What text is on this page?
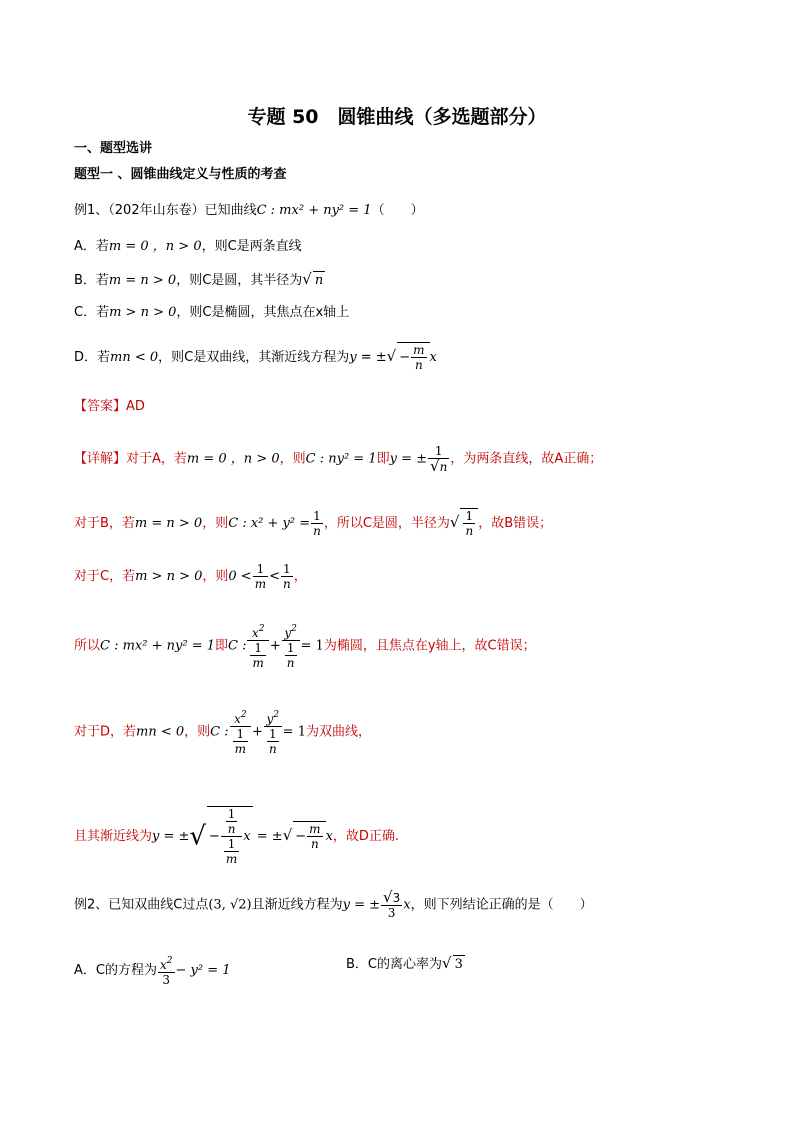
专题 50　圆锥曲线（多选题部分）
一、题型选讲
题型一 、圆锥曲线定义与性质的考查
例1、（202年山东卷）已知曲线C : mx² + ny² = 1（　　）
A．若m = 0 ，n > 0，则C是两条直线
B．若m = n > 0，则C是圆，其半径为√ n
C．若m > n > 0，则C是椭圆，其焦点在x轴上
D．若mn < 0，则C是双曲线，其渐近线方程为y = ±√ − $\frac{m}{n}$ x
【答案】AD
【详解】对于A，若m = 0 ，n > 0，则C : ny² = 1即y = ± $\frac{1}{√n}$ ，为两条直线，故A正确；
对于B，若m = n > 0，则C : $x^2 + y^2 = \frac{1}{n}$ ，所以C是圆，半径为√ $\frac{1}{n}$ ，故B错误；
对于C，若m > n > 0，则$0 < \frac{1}{m} < \frac{1}{n}$ ，
所以C : mx² + ny² = 1即C : $\frac{x^2}{\frac{1}{m}} + \frac{y^2}{\frac{1}{n}} = 1$为椭圆，且焦点在y轴上，故C错误；
对于D，若mn < 0，则C : $\frac{x^2}{\frac{1}{m}} + \frac{y^2}{\frac{1}{n}} = 1$为双曲线，
且其渐近线为y = ±√ − $\frac{\frac{1}{n}}{\frac{1}{m}}$ x = ±√ − $\frac{m}{n}$ x，故D正确.
例2、已知双曲线C过点(3, √2)且渐近线方程为y = ± $\frac{√3}{3}$ x，则下列结论正确的是（　　）
A．C的方程为 $\frac{x^2}{3} - y^2 = 1$	B．C的离心率为√ 3
